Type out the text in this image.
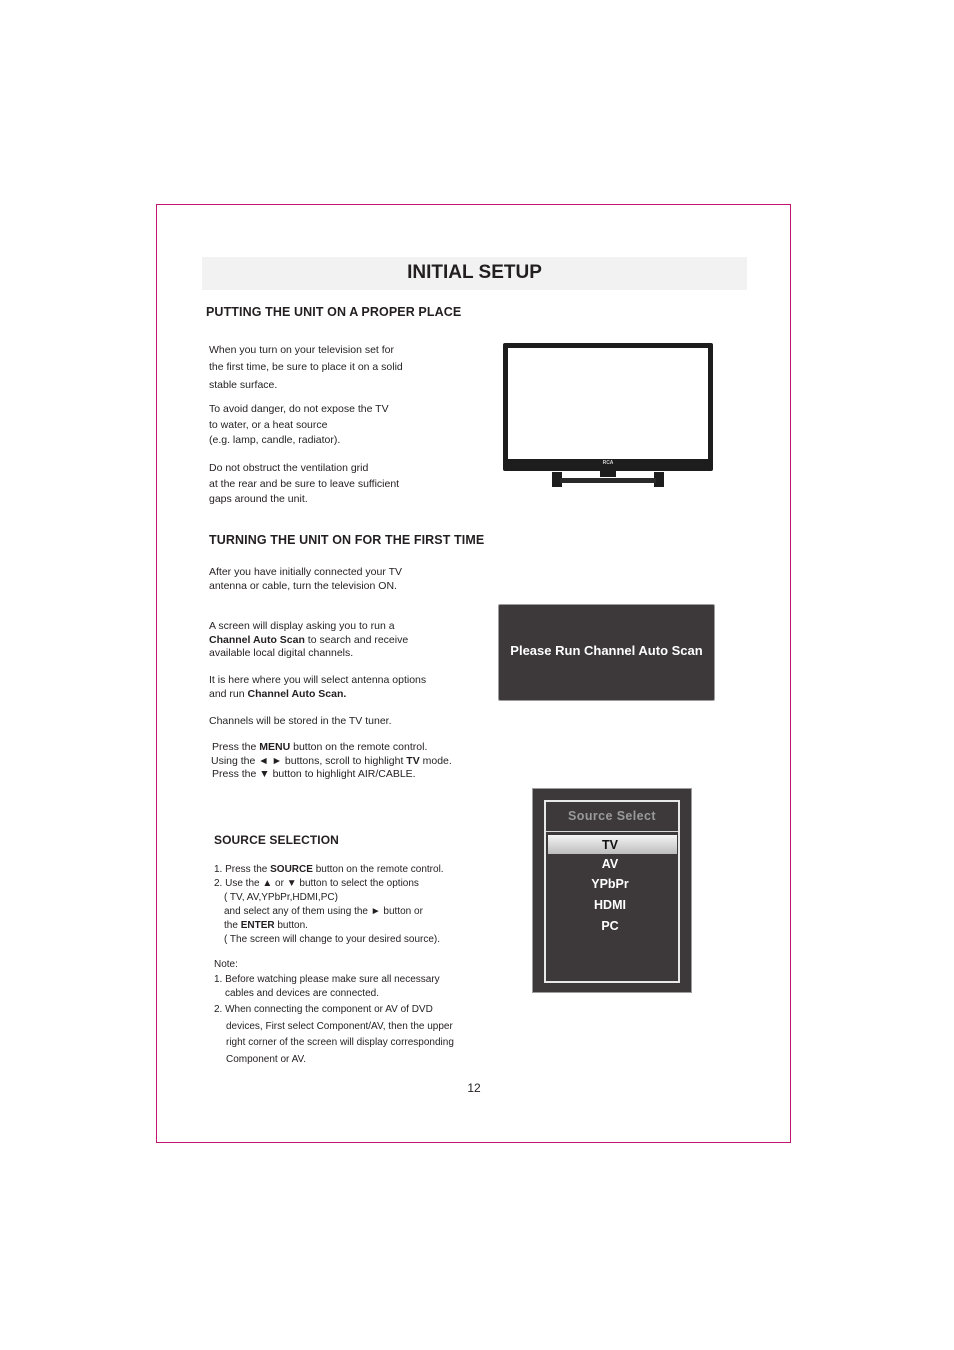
INITIAL SETUP
PUTTING THE UNIT ON A PROPER PLACE
When you turn on your television set for
the first time, be sure to place it on a solid
stable surface.
To avoid danger, do not expose the TV
to water, or a heat source
(e.g. lamp, candle, radiator).
Do not obstruct the ventilation grid
at the rear and be sure to leave sufficient
gaps around the unit.
RCA
TURNING THE UNIT ON FOR THE FIRST TIME
After you have initially connected your TV
antenna or cable, turn the television ON.
A screen will display asking you to run a
Channel Auto Scan to search and receive
available local digital channels.
It is here where you will select antenna options
and run Channel Auto Scan.
Channels will be stored in the TV tuner.
Press the MENU button on the remote control.
Using the ◄ ► buttons, scroll to highlight TV mode.
Press the ▼ button to highlight AIR/CABLE.
Please Run Channel Auto Scan
SOURCE SELECTION
1. Press the SOURCE button on the remote control.
2. Use the ▲ or ▼ button to select the options
( TV, AV,YPbPr,HDMI,PC)
and select any of them using the ► button or
the ENTER button.
( The screen will change to your desired source).
Note:
1. Before watching please make sure all necessary
cables and devices are connected.
2. When connecting the component or AV of DVD
devices, First select Component/AV, then the upper
right corner of the screen will display corresponding
Component or AV.
Source Select
TV
AV
YPbPr
HDMI
PC
12
